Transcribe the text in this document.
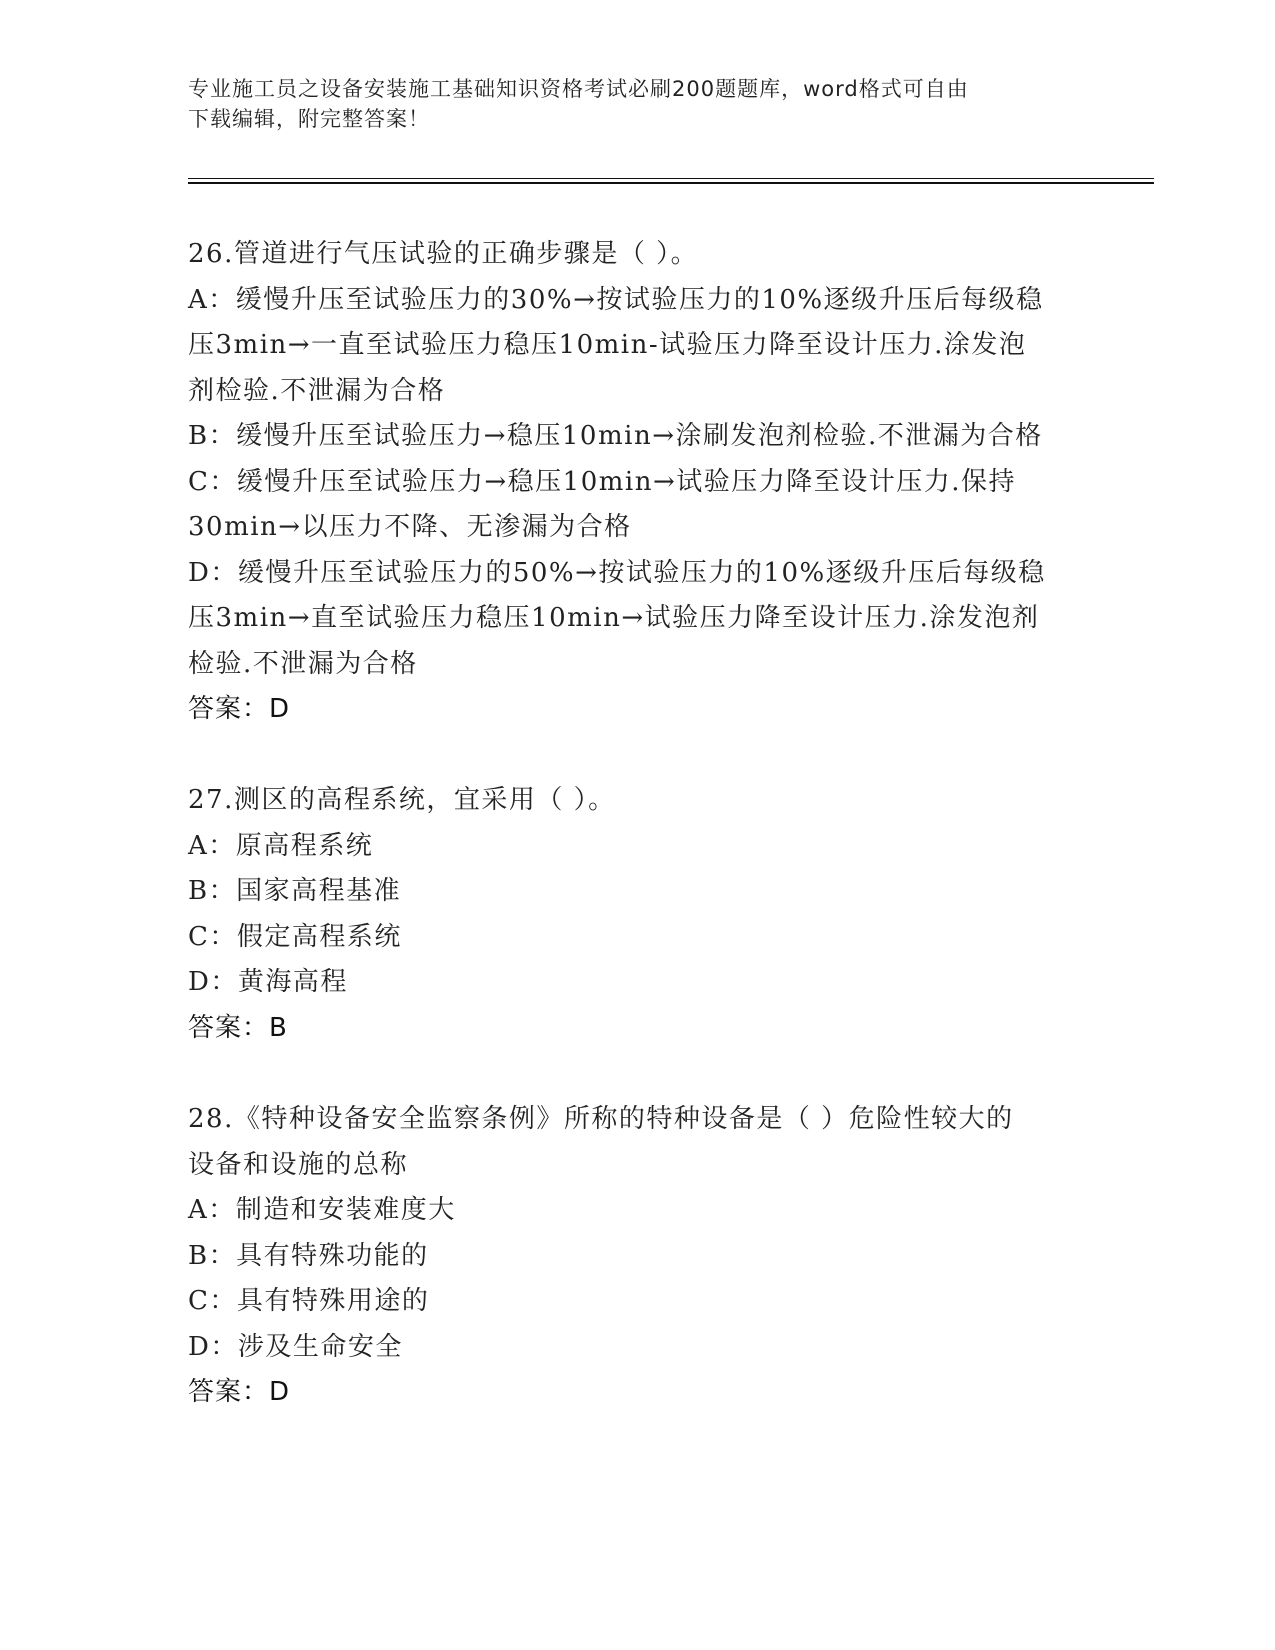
专业施工员之设备安装施工基础知识资格考试必刷200题题库，word格式可自由
下载编辑，附完整答案！
26.管道进行气压试验的正确步骤是（ ）。
A：缓慢升压至试验压力的30%→按试验压力的10%逐级升压后每级稳
压3min→一直至试验压力稳压10min-试验压力降至设计压力.涂发泡
剂检验.不泄漏为合格
B：缓慢升压至试验压力→稳压10min→涂刷发泡剂检验.不泄漏为合格
C：缓慢升压至试验压力→稳压10min→试验压力降至设计压力.保持
30min→以压力不降、无渗漏为合格
D：缓慢升压至试验压力的50%→按试验压力的10%逐级升压后每级稳
压3min→直至试验压力稳压10min→试验压力降至设计压力.涂发泡剂
检验.不泄漏为合格
答案：D
27.测区的高程系统，宜采用（ ）。
A：原高程系统
B：国家高程基准
C：假定高程系统
D：黄海高程
答案：B
28.《特种设备安全监察条例》所称的特种设备是（ ）危险性较大的
设备和设施的总称
A：制造和安装难度大
B：具有特殊功能的
C：具有特殊用途的
D：涉及生命安全
答案：D
